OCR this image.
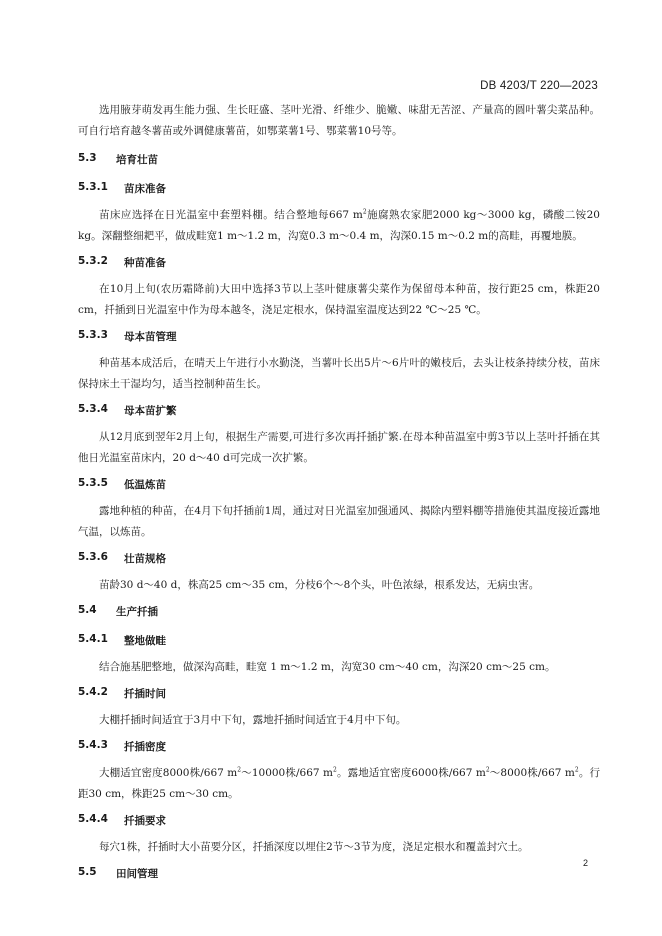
DB 4203/T 220—2023

选用腋芽萌发再生能力强、生长旺盛、茎叶光滑、纤维少、脆嫩、味甜无苦涩、产量高的圆叶薯尖菜品种。可自行培育越冬薯苗或外调健康薯苗，如鄂菜薯1号、鄂菜薯10号等。

5.3	培育壮苗
5.3.1	苗床准备

苗床应选择在日光温室中套塑料棚。结合整地每667 $m^2$施腐熟农家肥2000 kg～3000 kg，磷酸二铵20 kg。深翻整细耙平，做成畦宽1 m～1.2 m，沟宽0.3 m～0.4 m，沟深0.15 m～0.2 m的高畦，再覆地膜。

5.3.2	种苗准备

在10月上旬(农历霜降前)大田中选择3节以上茎叶健康薯尖菜作为保留母本种苗，按行距25 cm，株距20 cm，扦插到日光温室中作为母本越冬，浇足定根水，保持温室温度达到22 ℃～25 ℃。

5.3.3	母本苗管理

种苗基本成活后，在晴天上午进行小水勤浇，当薯叶长出5片～6片叶的嫩枝后，去头让枝条持续分枝，苗床保持床土干湿均匀，适当控制种苗生长。

5.3.4	母本苗扩繁

从12月底到翌年2月上旬，根据生产需要,可进行多次再扦插扩繁.在母本种苗温室中剪3节以上茎叶扦插在其他日光温室苗床内，20 d～40 d可完成一次扩繁。

5.3.5	低温炼苗

露地种植的种苗，在4月下旬扦插前1周，通过对日光温室加强通风、揭除内塑料棚等措施使其温度接近露地气温，以炼苗。

5.3.6	壮苗规格

苗龄30 d～40 d，株高25 cm～35 cm，分枝6个～8个头，叶色浓绿，根系发达，无病虫害。

5.4	生产扦插
5.4.1	整地做畦

结合施基肥整地，做深沟高畦，畦宽 1 m～1.2 m，沟宽30 cm～40 cm，沟深20 cm～25 cm。

5.4.2	扦插时间

大棚扦插时间适宜于3月中下旬，露地扦插时间适宜于4月中下旬。

5.4.3	扦插密度

大棚适宜密度8000株/667 $m^2\sim 10000$株/667 $m^2$。露地适宜密度6000株/667 $m^2\sim 8000$株/667 $m^2$。行距30 cm，株距25 cm～30 cm。

5.4.4	扦插要求

每穴1株，扦插时大小苗要分区，扦插深度以埋住2节～3节为度，浇足定根水和覆盖封穴土。

5.5	田间管理
2
